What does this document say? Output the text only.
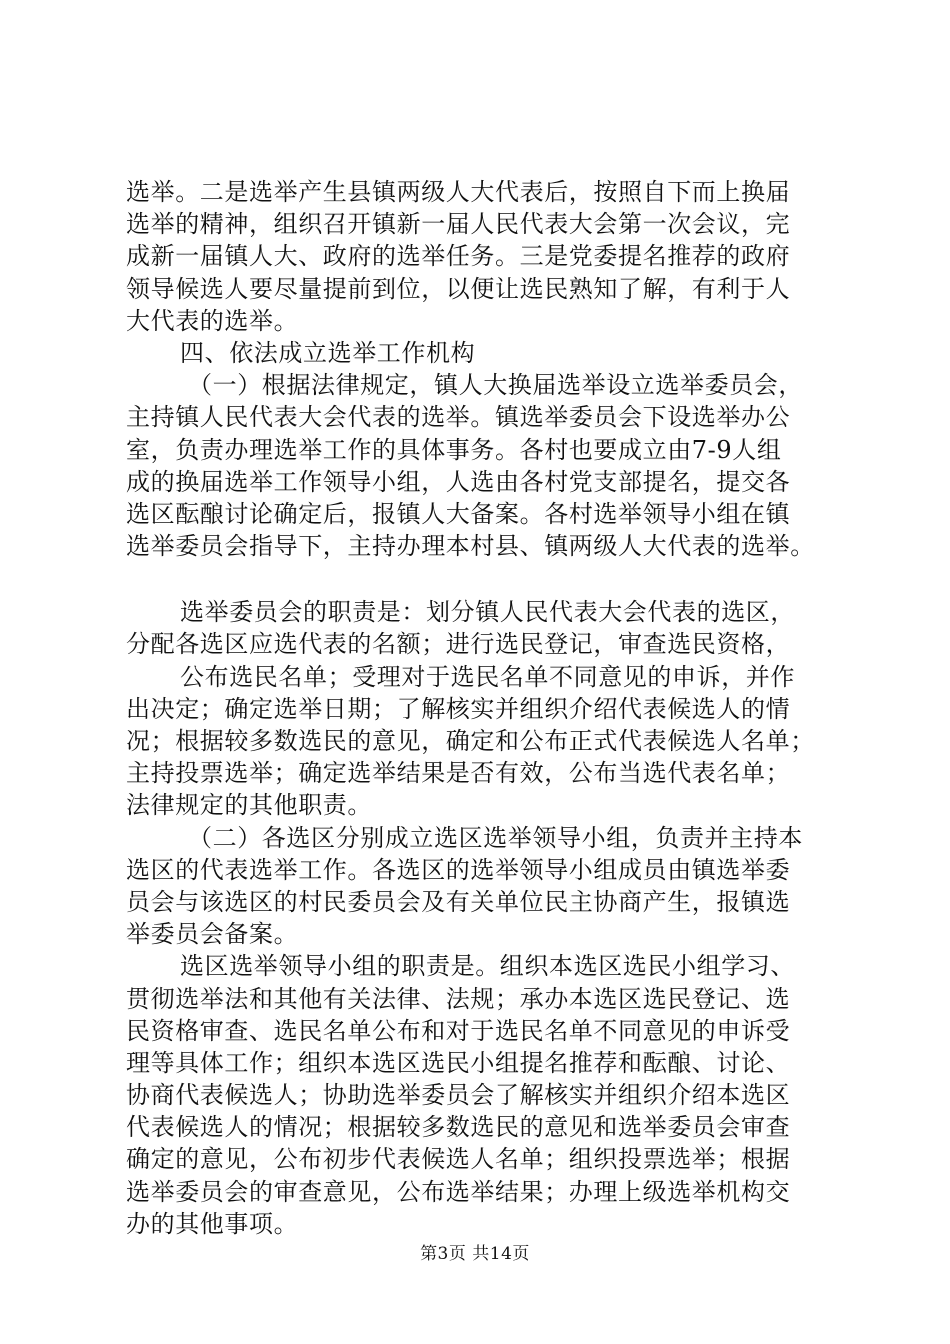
选举。二是选举产生县镇两级人大代表后，按照自下而上换届
选举的精神，组织召开镇新一届人民代表大会第一次会议，完
成新一届镇人大、政府的选举任务。三是党委提名推荐的政府
领导候选人要尽量提前到位，以便让选民熟知了解，有利于人
大代表的选举。
四、依法成立选举工作机构
（一）根据法律规定，镇人大换届选举设立选举委员会，
主持镇人民代表大会代表的选举。镇选举委员会下设选举办公
室，负责办理选举工作的具体事务。各村也要成立由7-9人组
成的换届选举工作领导小组，人选由各村党支部提名，提交各
选区酝酿讨论确定后，报镇人大备案。各村选举领导小组在镇
选举委员会指导下，主持办理本村县、镇两级人大代表的选举。
选举委员会的职责是：划分镇人民代表大会代表的选区，
分配各选区应选代表的名额；进行选民登记，审查选民资格，
公布选民名单；受理对于选民名单不同意见的申诉，并作
出决定；确定选举日期；了解核实并组织介绍代表候选人的情
况；根据较多数选民的意见，确定和公布正式代表候选人名单；
主持投票选举；确定选举结果是否有效，公布当选代表名单；
法律规定的其他职责。
（二）各选区分别成立选区选举领导小组，负责并主持本
选区的代表选举工作。各选区的选举领导小组成员由镇选举委
员会与该选区的村民委员会及有关单位民主协商产生，报镇选
举委员会备案。
选区选举领导小组的职责是。组织本选区选民小组学习、
贯彻选举法和其他有关法律、法规；承办本选区选民登记、选
民资格审查、选民名单公布和对于选民名单不同意见的申诉受
理等具体工作；组织本选区选民小组提名推荐和酝酿、讨论、
协商代表候选人；协助选举委员会了解核实并组织介绍本选区
代表候选人的情况；根据较多数选民的意见和选举委员会审查
确定的意见，公布初步代表候选人名单；组织投票选举；根据
选举委员会的审查意见，公布选举结果；办理上级选举机构交
办的其他事项。
第3页 共14页
